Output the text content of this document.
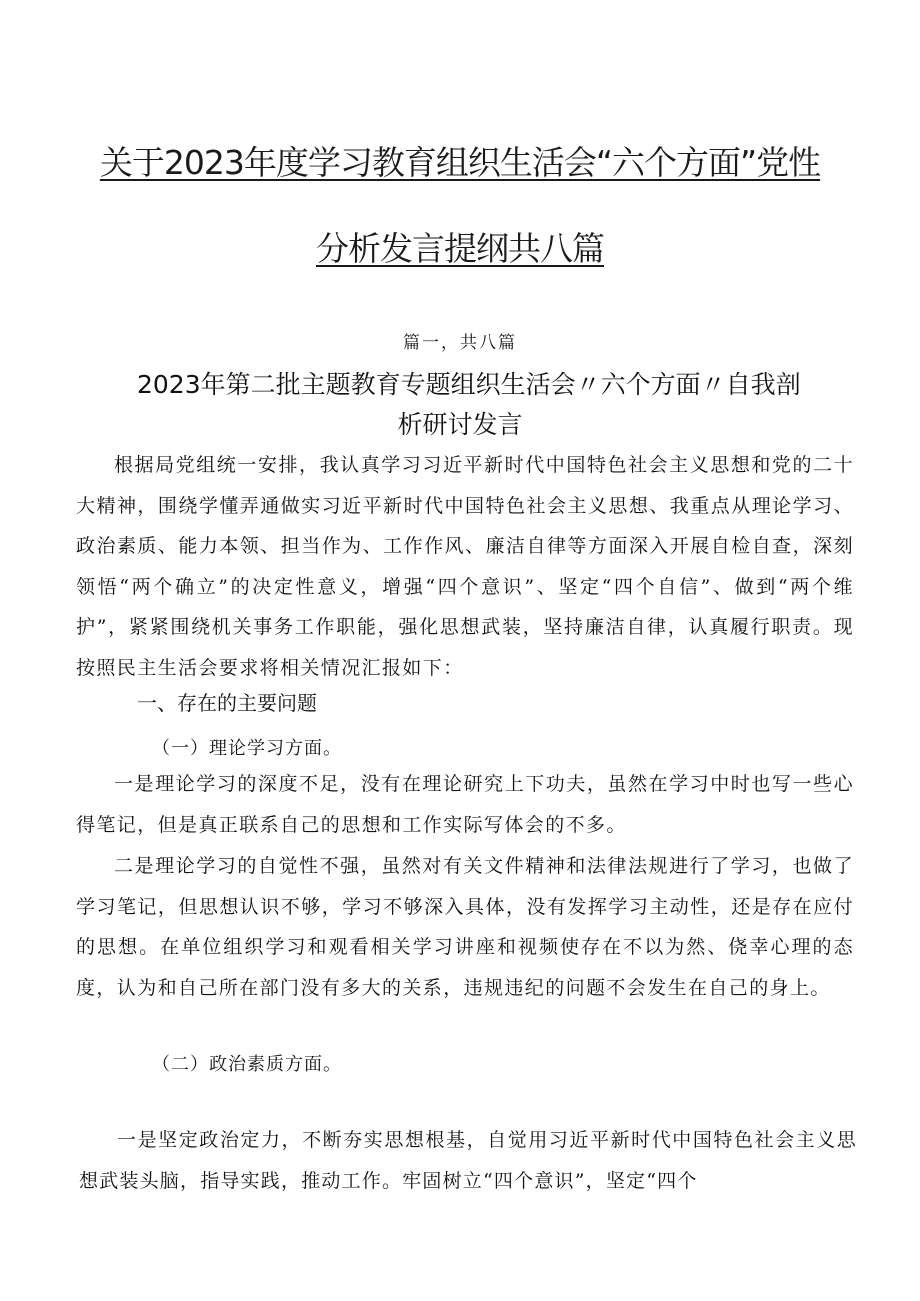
关于2023年度学习教育组织生活会“六个方面”党性
分析发言提纲共八篇
篇一，共八篇
2023年第二批主题教育专题组织生活会〃六个方面〃自我剖
析研讨发言

根据局党组统一安排，我认真学习习近平新时代中国特色社会主义思想和党的二十大精神，围绕学懂弄通做实习近平新时代中国特色社会主义思想、我重点从理论学习、政治素质、能力本领、担当作为、工作作风、廉洁自律等方面深入开展自检自查，深刻领悟“两个确立”的决定性意义，增强“四个意识”、坚定“四个自信”、做到“两个维护”，紧紧围绕机关事务工作职能，强化思想武装，坚持廉洁自律，认真履行职责。现按照民主生活会要求将相关情况汇报如下：

一、存在的主要问题
（一）理论学习方面。

一是理论学习的深度不足，没有在理论研究上下功夫，虽然在学习中时也写一些心得笔记，但是真正联系自己的思想和工作实际写体会的不多。

二是理论学习的自觉性不强，虽然对有关文件精神和法律法规进行了学习，也做了学习笔记，但思想认识不够，学习不够深入具体，没有发挥学习主动性，还是存在应付的思想。在单位组织学习和观看相关学习讲座和视频使存在不以为然、侥幸心理的态度，认为和自己所在部门没有多大的关系，违规违纪的问题不会发生在自己的身上。

（二）政治素质方面。

一是坚定政治定力，不断夯实思想根基，自觉用习近平新时代中国特色社会主义思想武装头脑，指导实践，推动工作。牢固树立“四个意识”，坚定“四个
